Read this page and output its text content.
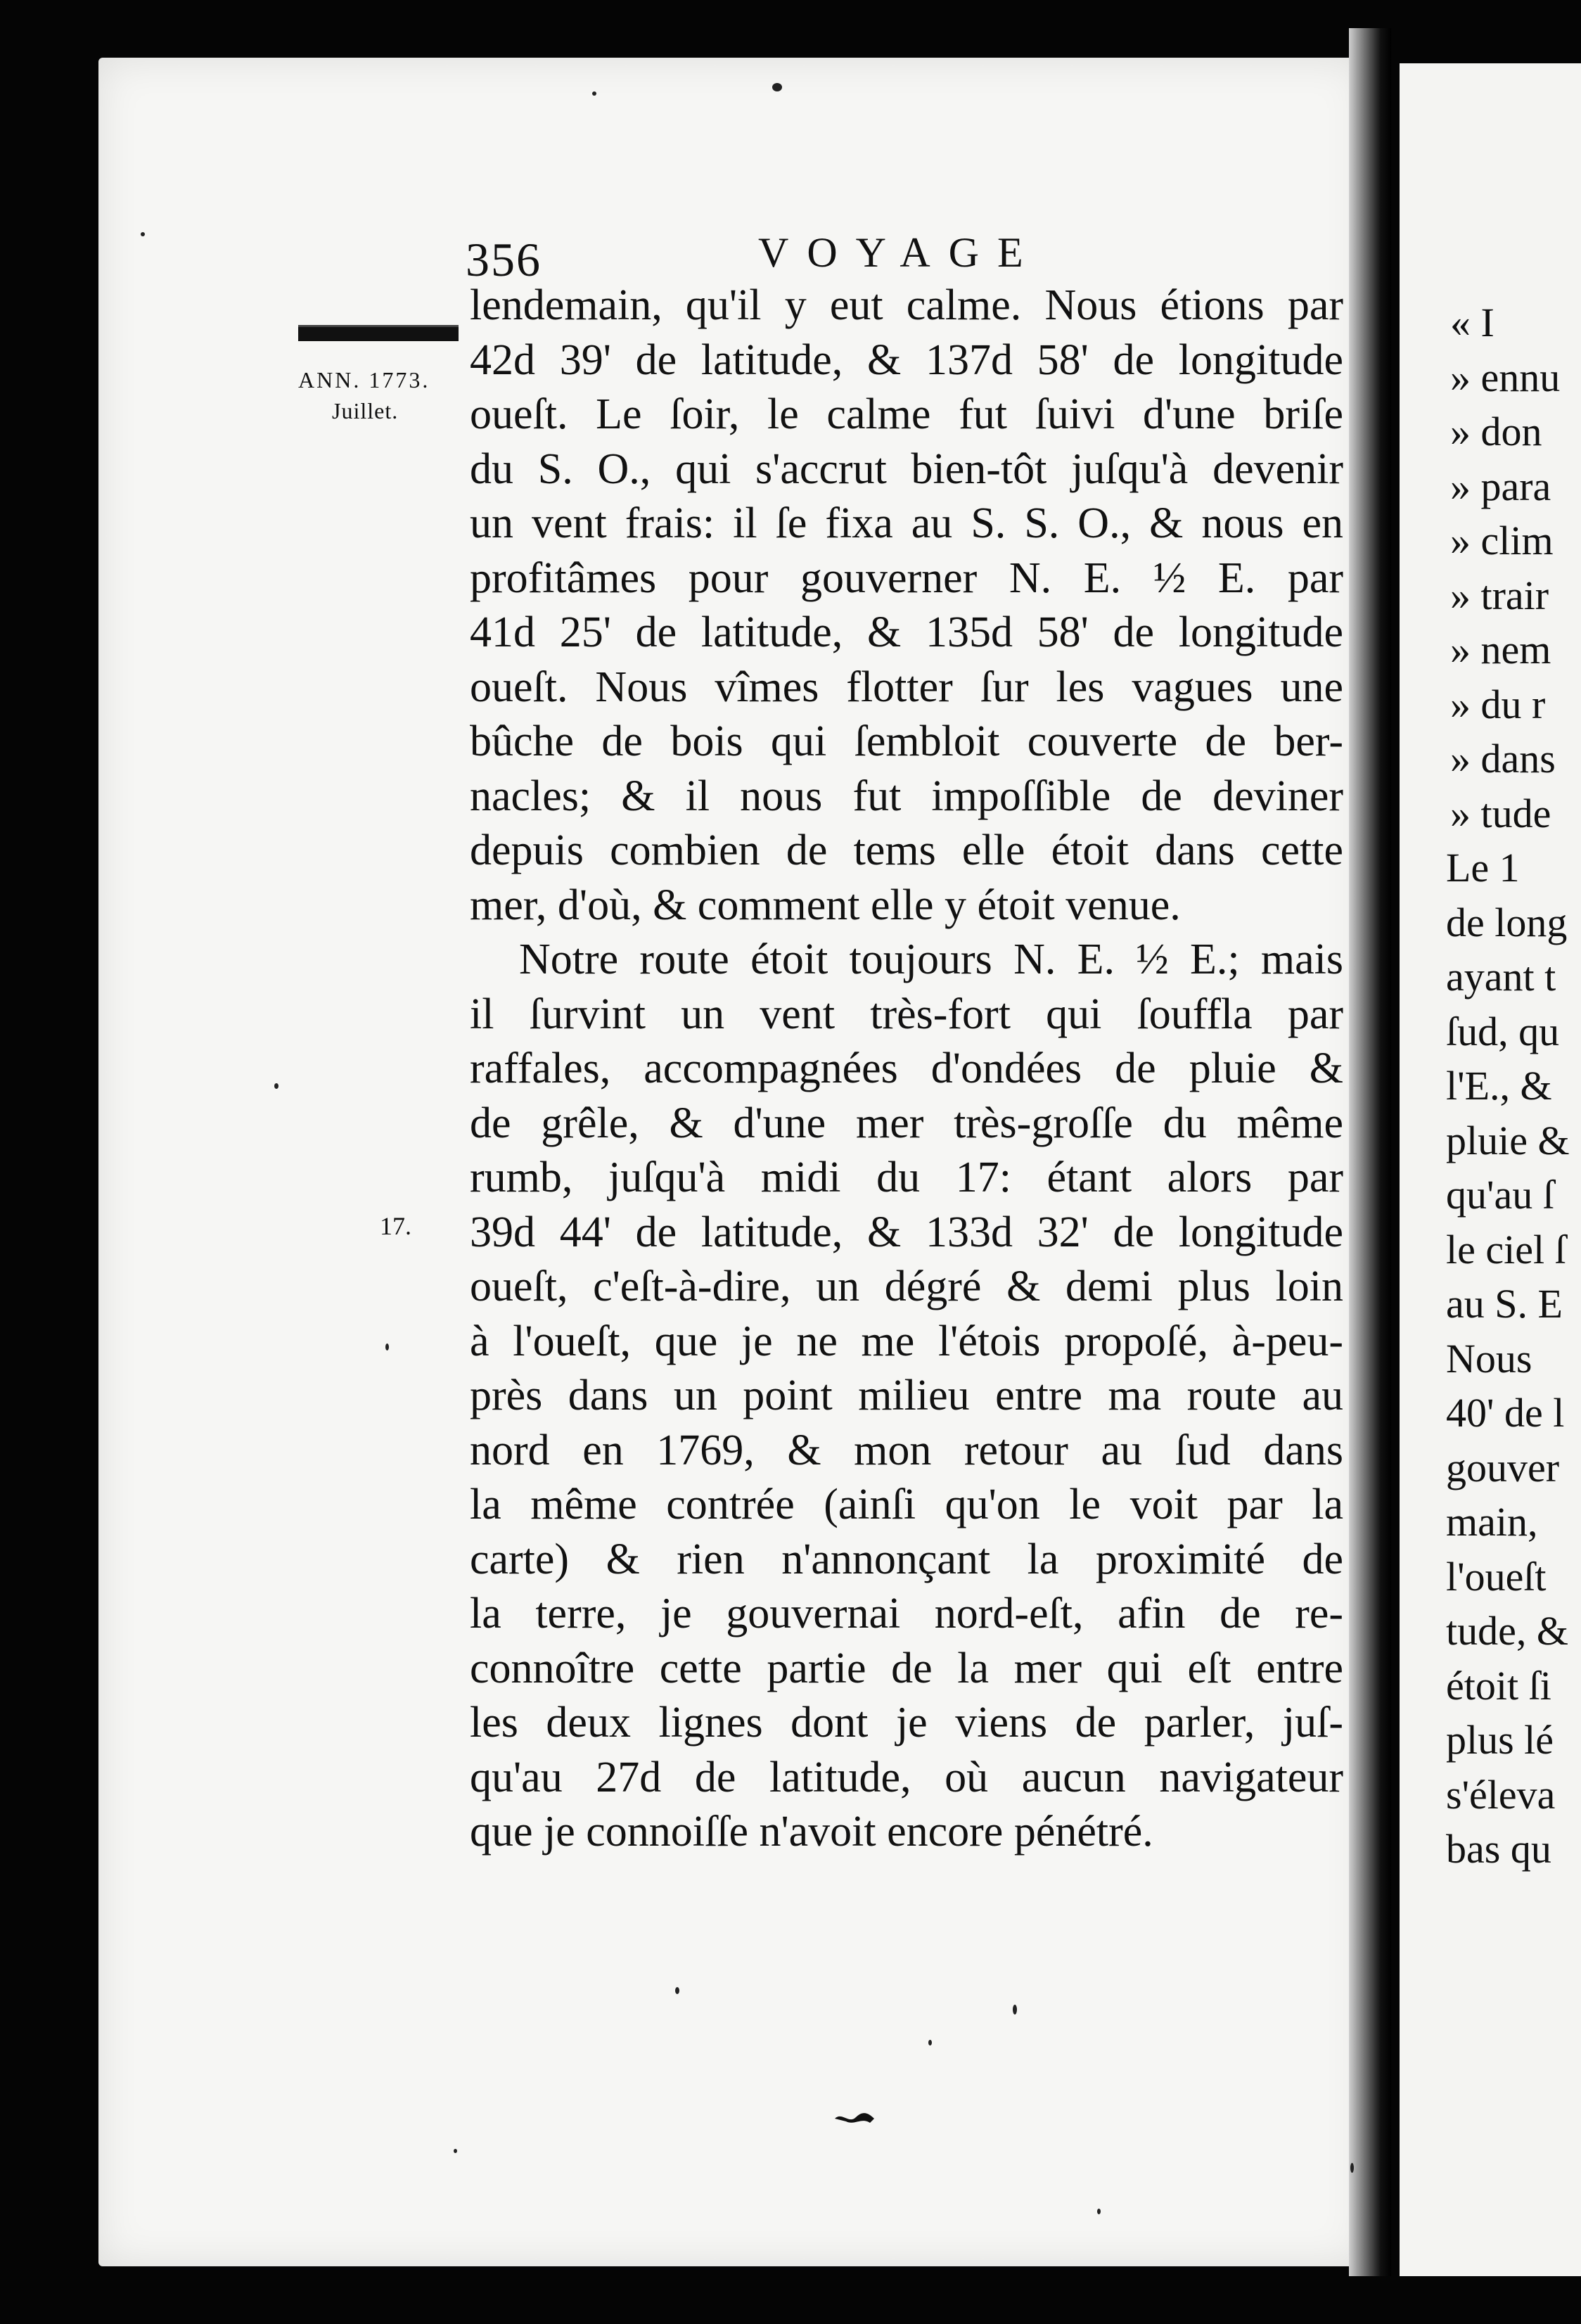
356	VOYAGE
ANN. 1773.
Juillet.
17.
lendemain, qu'il y eut calme. Nous étions par
42d 39' de latitude, & 137d 58' de longitude
oueſt. Le ſoir, le calme fut ſuivi d'une briſe
du S. O., qui s'accrut bien-tôt juſqu'à devenir
un vent frais: il ſe fixa au S. S. O., & nous en
profitâmes pour gouverner N. E. ½ E. par
41d 25' de latitude, & 135d 58' de longitude
oueſt. Nous vîmes flotter ſur les vagues une
bûche de bois qui ſembloit couverte de ber-
nacles; & il nous fut impoſſible de deviner
depuis combien de tems elle étoit dans cette
mer, d'où, & comment elle y étoit venue.
Notre route étoit toujours N. E. ½ E.; mais
il ſurvint un vent très-fort qui ſouffla par
raffales, accompagnées d'ondées de pluie &
de grêle, & d'une mer très-groſſe du même
rumb, juſqu'à midi du 17: étant alors par
39d 44' de latitude, & 133d 32' de longitude
oueſt, c'eſt-à-dire, un dégré & demi plus loin
à l'oueſt, que je ne me l'étois propoſé, à-peu-
près dans un point milieu entre ma route au
nord en 1769, & mon retour au ſud dans
la même contrée (ainſi qu'on le voit par la
carte) & rien n'annonçant la proximité de
la terre, je gouvernai nord-eſt, afin de re-
connoître cette partie de la mer qui eſt entre
les deux lignes dont je viens de parler, juſ-
qu'au 27d de latitude, où aucun navigateur
que je connoiſſe n'avoit encore pénétré.
« I
» ennu
» don
» para
» clim
» trair
» nem
» du r
» dans
» tude
Le 1
de long
ayant t
ſud, qu
l'E., &
pluie &
qu'au ſ
le ciel ſ
au S. E
Nous
40' de l
gouver
main,
l'oueſt
tude, &
étoit ſi
plus lé
s'éleva
bas qu
